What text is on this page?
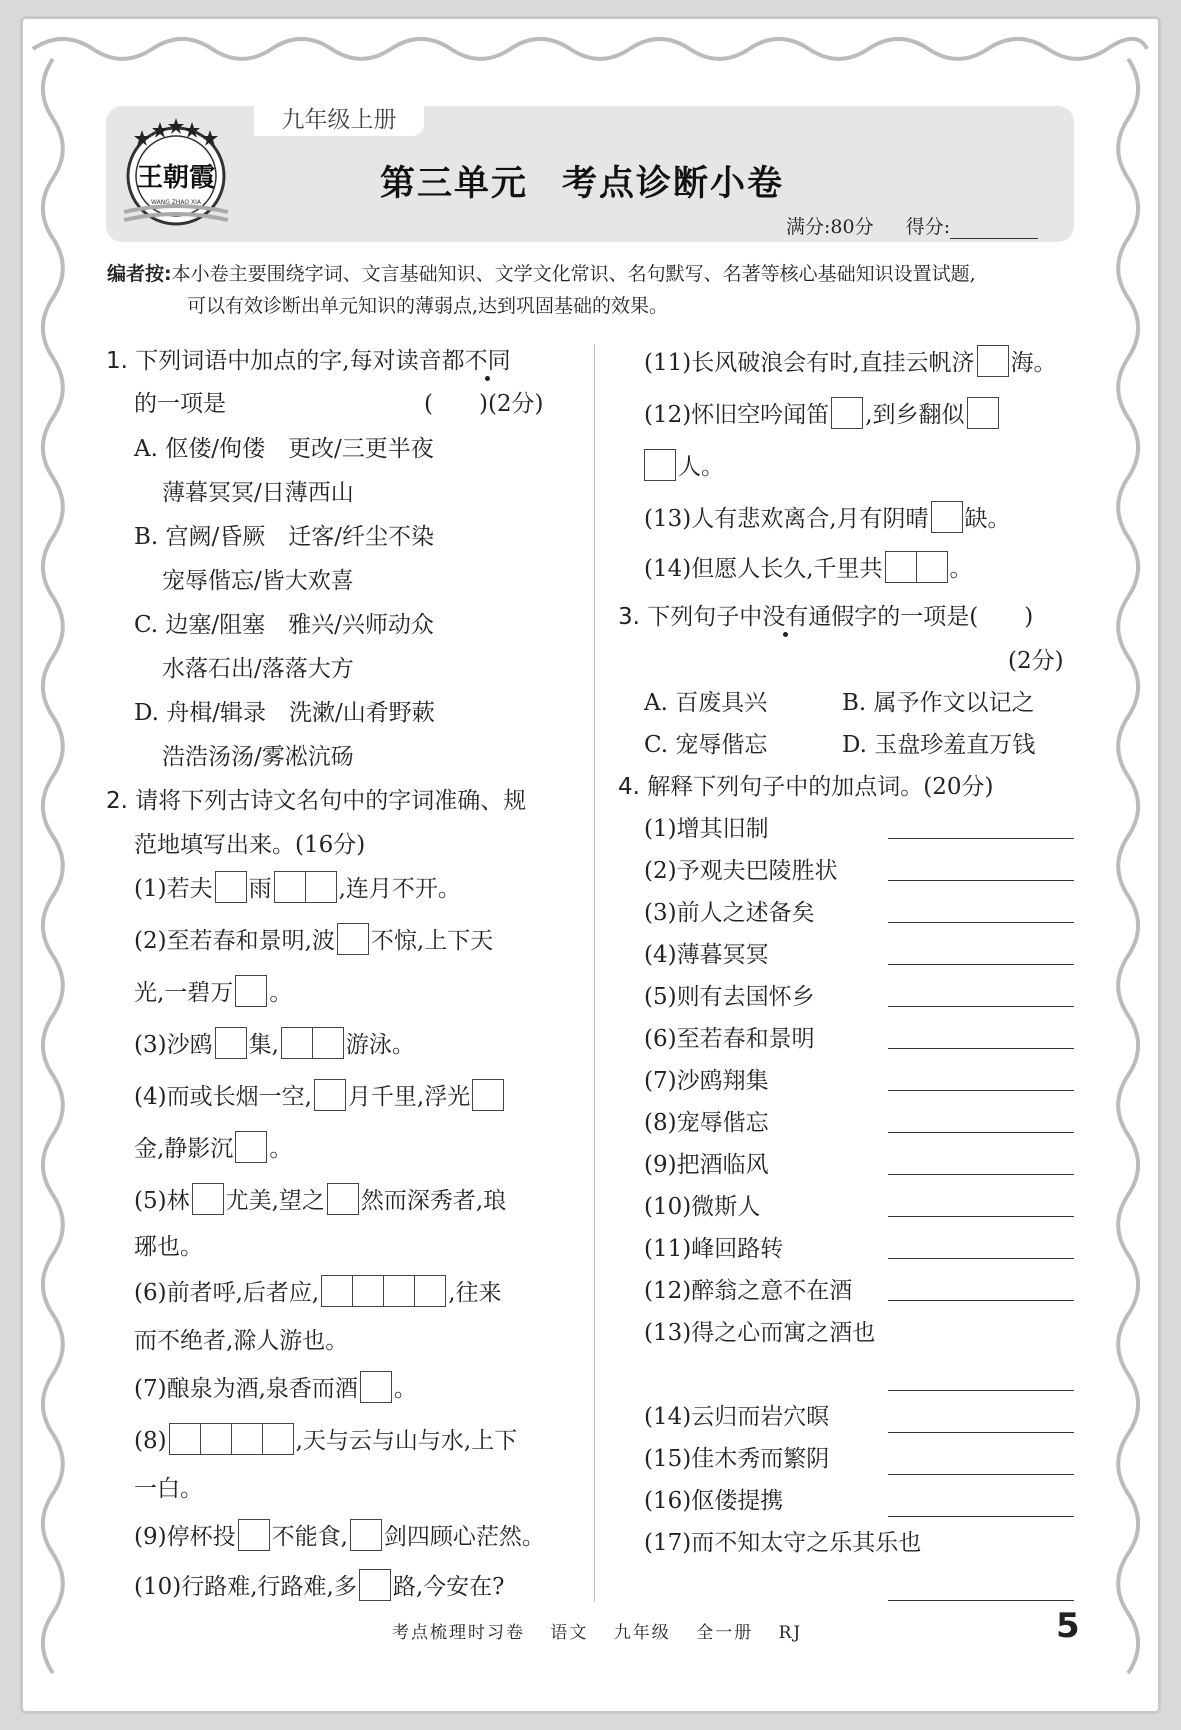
九年级上册
王朝霞
WANG ZHAO XIA	第三单元 考点诊断小卷
满分:80分 得分:
编者按:本小卷主要围绕字词、文言基础知识、文学文化常识、名句默写、名著等核心基础知识设置试题,
可以有效诊断出单元知识的薄弱点,达到巩固基础的效果。
1. 下列词语中加点的字,每对读音都不同
的一项是	(　　)(2分)
A. 伛偻/佝偻　更改/三更半夜
薄暮冥冥/日薄西山
B. 宫阙/昏厥　迁客/纤尘不染
宠辱偕忘/皆大欢喜
C. 边塞/阻塞　雅兴/兴师动众
水落石出/落落大方
D. 舟楫/辑录　洗漱/山肴野蔌
浩浩汤汤/雾凇沆砀
2. 请将下列古诗文名句中的字词准确、规
范地填写出来。(16分)
(1)若夫 雨	,连月不开。
(2)至若春和景明,波 不惊,上下天
光,一碧万 。
(3)沙鸥 集,	游泳。
(4)而或长烟一空, 月千里,浮光
金,静影沉 。
(5)林 尤美,望之 然而深秀者,琅
琊也。
(6)前者呼,后者应,	,往来
而不绝者,滁人游也。
(7)酿泉为酒,泉香而酒 。
(8)	,天与云与山与水,上下
一白。
(9)停杯投 不能食, 剑四顾心茫然。
(10)行路难,行路难,多 路,今安在?
(11)长风破浪会有时,直挂云帆济 海。
(12)怀旧空吟闻笛 ,到乡翻似
人。
(13)人有悲欢离合,月有阴晴 缺。
(14)但愿人长久,千里共	。
3. 下列句子中没有通假字的一项是(　　)
(2分)
A. 百废具兴	B. 属予作文以记之
C. 宠辱偕忘	D. 玉盘珍羞直万钱
4. 解释下列句子中的加点词。(20分)
(1)增其旧制
(2)予观夫巴陵胜状
(3)前人之述备矣
(4)薄暮冥冥
(5)则有去国怀乡
(6)至若春和景明
(7)沙鸥翔集
(8)宠辱偕忘
(9)把酒临风
(10)微斯人
(11)峰回路转
(12)醉翁之意不在酒
(13)得之心而寓之酒也
(14)云归而岩穴暝
(15)佳木秀而繁阴
(16)伛偻提携
(17)而不知太守之乐其乐也
考点梳理时习卷 语文 九年级 全一册 RJ	5
